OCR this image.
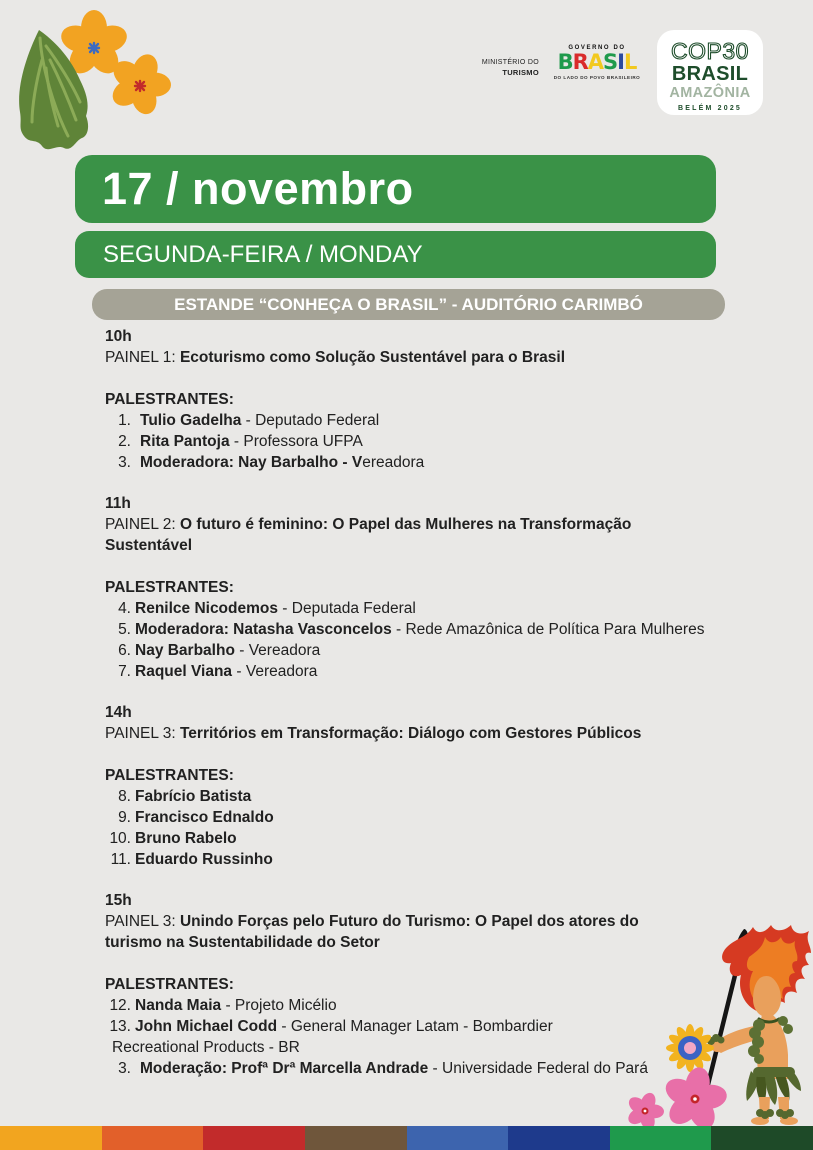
MINISTÉRIO DO
TURISMO
GOVERNO DO
BRASIL
DO LADO DO POVO BRASILEIRO
COP30
BRASIL
AMAZÔNIA
BELÉM 2025
17 / novembro
SEGUNDA-FEIRA / MONDAY
ESTANDE “CONHEÇA O BRASIL” - AUDITÓRIO CARIMBÓ
10h
PAINEL 1: Ecoturismo como Solução Sustentável para o Brasil
PALESTRANTES:
1. Tulio Gadelha - Deputado Federal
2. Rita Pantoja - Professora UFPA
3. Moderadora: Nay Barbalho - Vereadora
11h
PAINEL 2: O futuro é feminino: O Papel das Mulheres na Transformação Sustentável
PALESTRANTES:
4. Renilce Nicodemos - Deputada Federal
5. Moderadora: Natasha Vasconcelos - Rede Amazônica de Política Para Mulheres
6. Nay Barbalho - Vereadora
7. Raquel Viana - Vereadora
14h
PAINEL 3: Territórios em Transformação: Diálogo com Gestores Públicos
PALESTRANTES:
8. Fabrício Batista
9. Francisco Ednaldo
10. Bruno Rabelo
11. Eduardo Russinho
15h
PAINEL 3: Unindo Forças pelo Futuro do Turismo: O Papel dos atores do turismo na Sustentabilidade do Setor
PALESTRANTES:
12. Nanda Maia - Projeto Micélio
13. John Michael Codd - General Manager Latam - Bombardier
Recreational Products - BR
3. Moderação: Profª Drª Marcella Andrade - Universidade Federal do Pará
